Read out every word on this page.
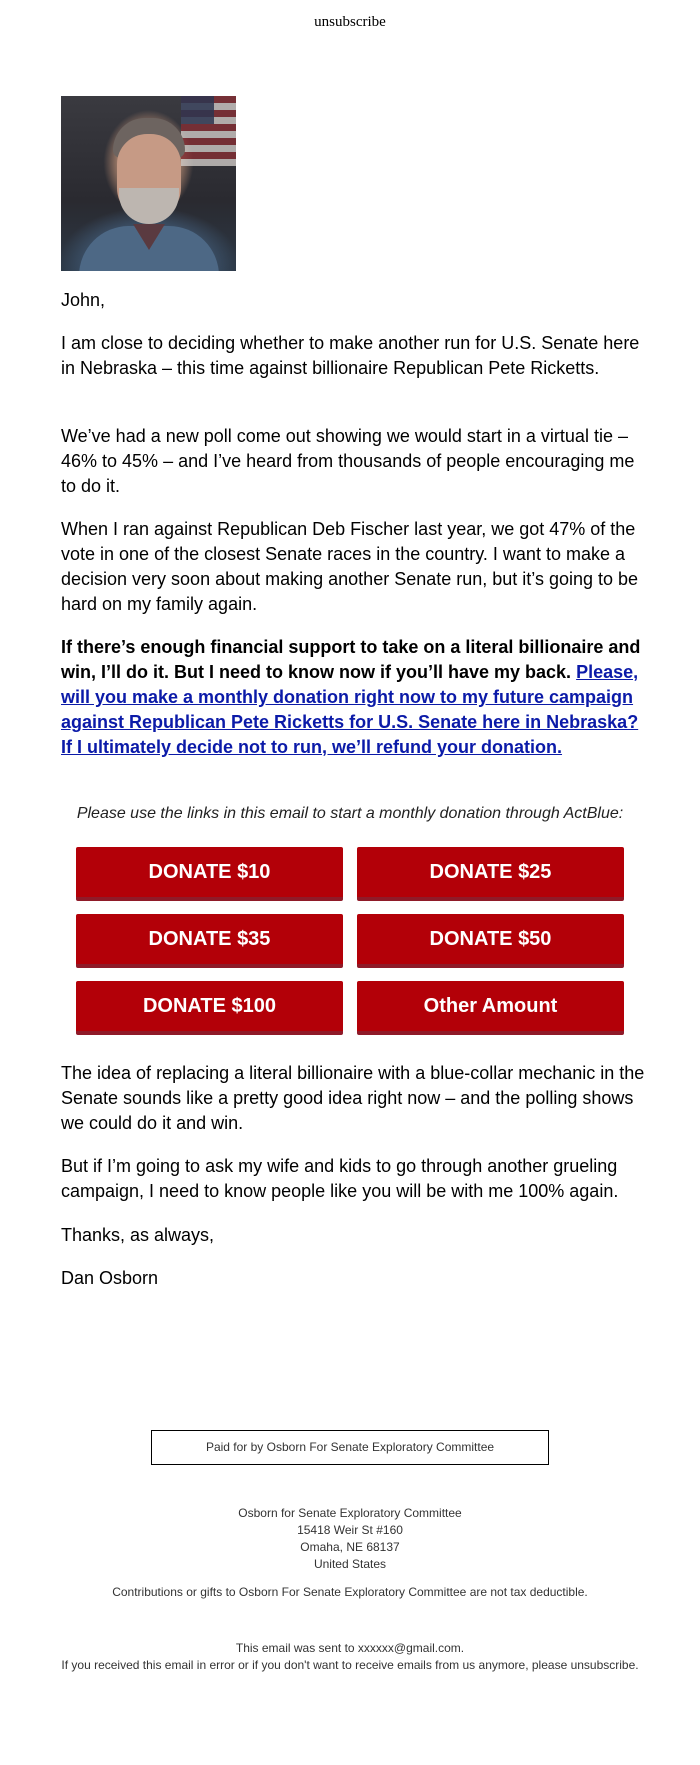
unsubscribe

John,

I am close to deciding whether to make another run for U.S. Senate here in Nebraska – this time against billionaire Republican Pete Ricketts.

We’ve had a new poll come out showing we would start in a virtual tie – 46% to 45% – and I’ve heard from thousands of people encouraging me to do it.

When I ran against Republican Deb Fischer last year, we got 47% of the vote in one of the closest Senate races in the country. I want to make a decision very soon about making another Senate run, but it’s going to be hard on my family again.

If there’s enough financial support to take on a literal billionaire and win, I’ll do it. But I need to know now if you’ll have my back. Please, will you make a monthly donation right now to my future campaign against Republican Pete Ricketts for U.S. Senate here in Nebraska? If I ultimately decide not to run, we’ll refund your donation.

Please use the links in this email to start a monthly donation through ActBlue:
DONATE $10	DONATE $25
DONATE $35	DONATE $50
DONATE $100	Other Amount

The idea of replacing a literal billionaire with a blue-collar mechanic in the Senate sounds like a pretty good idea right now – and the polling shows we could do it and win.

But if I’m going to ask my wife and kids to go through another grueling campaign, I need to know people like you will be with me 100% again.

Thanks, as always,

Dan Osborn

Paid for by Osborn For Senate Exploratory Committee
Osborn for Senate Exploratory Committee
15418 Weir St #160
Omaha, NE 68137
United States
Contributions or gifts to Osborn For Senate Exploratory Committee are not tax deductible.
This email was sent to xxxxxx@gmail.com.
If you received this email in error or if you don't want to receive emails from us anymore, please unsubscribe.
